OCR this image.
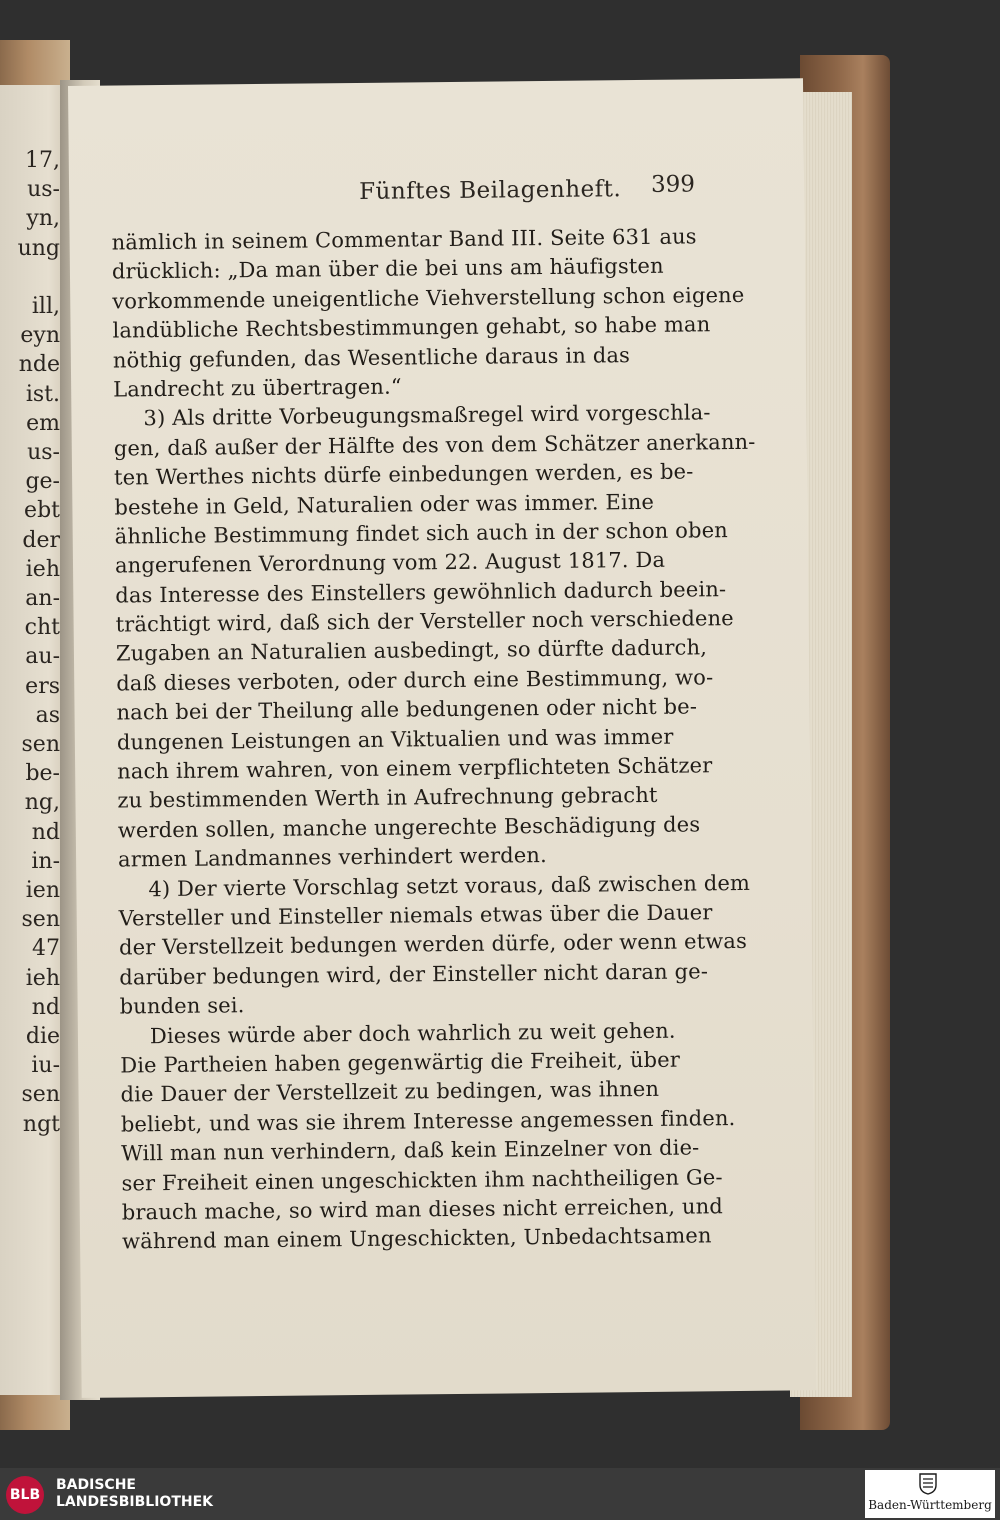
17,
us-
yn,
ung
ill,
eyn
nde
ist.
em
us-
ge-
ebt
der
ieh
an-
cht
au-
ers
as
sen
be-
ng,
nd
in-
ien
sen
47
ieh
nd
die
iu-
sen
ngt
Fünftes Beilagenheft. 399
nämlich in seinem Commentar Band III. Seite 631 aus
drücklich: „Da man über die bei uns am häufigsten
vorkommende uneigentliche Viehverstellung schon eigene
landübliche Rechtsbestimmungen gehabt, so habe man
nöthig gefunden, das Wesentliche daraus in das
Landrecht zu übertragen.“
3) Als dritte Vorbeugungsmaßregel wird vorgeschla-
gen, daß außer der Hälfte des von dem Schätzer anerkann-
ten Werthes nichts dürfe einbedungen werden, es be-
bestehe in Geld, Naturalien oder was immer. Eine
ähnliche Bestimmung findet sich auch in der schon oben
angerufenen Verordnung vom 22. August 1817. Da
das Interesse des Einstellers gewöhnlich dadurch beein-
trächtigt wird, daß sich der Versteller noch verschiedene
Zugaben an Naturalien ausbedingt, so dürfte dadurch,
daß dieses verboten, oder durch eine Bestimmung, wo-
nach bei der Theilung alle bedungenen oder nicht be-
dungenen Leistungen an Viktualien und was immer
nach ihrem wahren, von einem verpflichteten Schätzer
zu bestimmenden Werth in Aufrechnung gebracht
werden sollen, manche ungerechte Beschädigung des
armen Landmannes verhindert werden.
4) Der vierte Vorschlag setzt voraus, daß zwischen dem
Versteller und Einsteller niemals etwas über die Dauer
der Verstellzeit bedungen werden dürfe, oder wenn etwas
darüber bedungen wird, der Einsteller nicht daran ge-
bunden sei.
Dieses würde aber doch wahrlich zu weit gehen.
Die Partheien haben gegenwärtig die Freiheit, über
die Dauer der Verstellzeit zu bedingen, was ihnen
beliebt, und was sie ihrem Interesse angemessen finden.
Will man nun verhindern, daß kein Einzelner von die-
ser Freiheit einen ungeschickten ihm nachtheiligen Ge-
brauch mache, so wird man dieses nicht erreichen, und
während man einem Ungeschickten, Unbedachtsamen
BLB
BADISCHE
LANDESBIBLIOTHEK	Baden-Württemberg
